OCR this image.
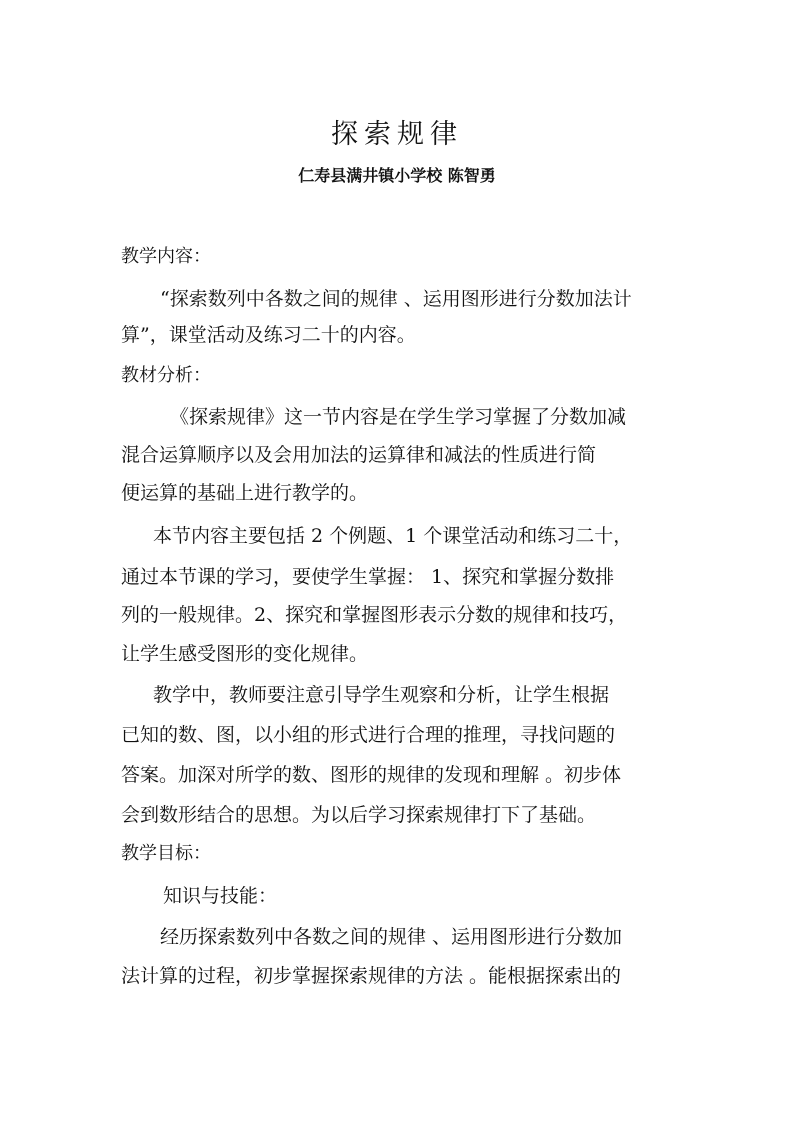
探索规律
仁寿县满井镇小学校 陈智勇
教学内容：
“探索数列中各数之间的规律 、运用图形进行分数加法计
算”，课堂活动及练习二十的内容。
教材分析：
《探索规律》这一节内容是在学生学习掌握了分数加减
混合运算顺序以及会用加法的运算律和减法的性质进行简
便运算的基础上进行教学的。
本节内容主要包括 2 个例题、1 个课堂活动和练习二十，
通过本节课的学习，要使学生掌握： 1、探究和掌握分数排
列的一般规律。2、探究和掌握图形表示分数的规律和技巧，
让学生感受图形的变化规律。
教学中，教师要注意引导学生观察和分析，让学生根据
已知的数、图，以小组的形式进行合理的推理，寻找问题的
答案。加深对所学的数、图形的规律的发现和理解 。初步体
会到数形结合的思想。为以后学习探索规律打下了基础。
教学目标：
知识与技能：
经历探索数列中各数之间的规律 、运用图形进行分数加
法计算的过程，初步掌握探索规律的方法 。能根据探索出的
